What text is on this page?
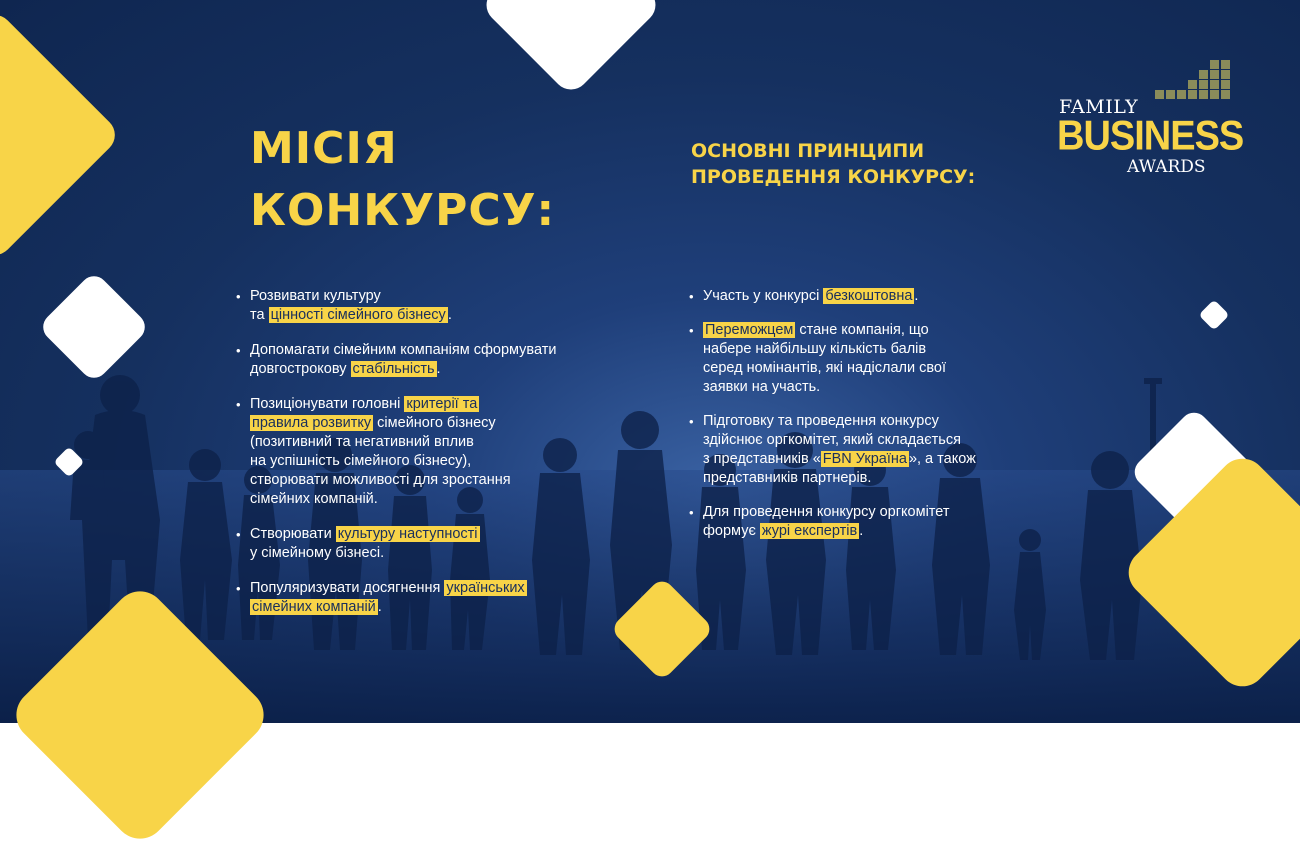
FAMILY
BUSINESS
AWARDS
МІСІЯ КОНКУРСУ:
ОСНОВНІ ПРИНЦИПИ ПРОВЕДЕННЯ КОНКУРСУ:
• Розвивати культуру
та цінності сімейного бізнесу .
• Допомагати сімейним компаніям сформувати довгострокову стабільність .
• Позиціонувати головні критерії та
правила розвитку сімейного бізнесу
(позитивний та негативний вплив
на успішність сімейного бізнесу),
створювати можливості для зростання
сімейних компаній.
• Створювати культуру наступності
у сімейному бізнесі.
• Популяризувати досягнення українських
сімейних компаній .
• Участь у конкурсі безкоштовна .
• Переможцем стане компанія, що
набере найбільшу кількість балів
серед номінантів, які надіслали свої
заявки на участь.
• Підготовку та проведення конкурсу
здійснює оргкомітет, який складається
з представників « FBN Україна », а також
представників партнерів.
• Для проведення конкурсу оргкомітет
формує журі експертів .
